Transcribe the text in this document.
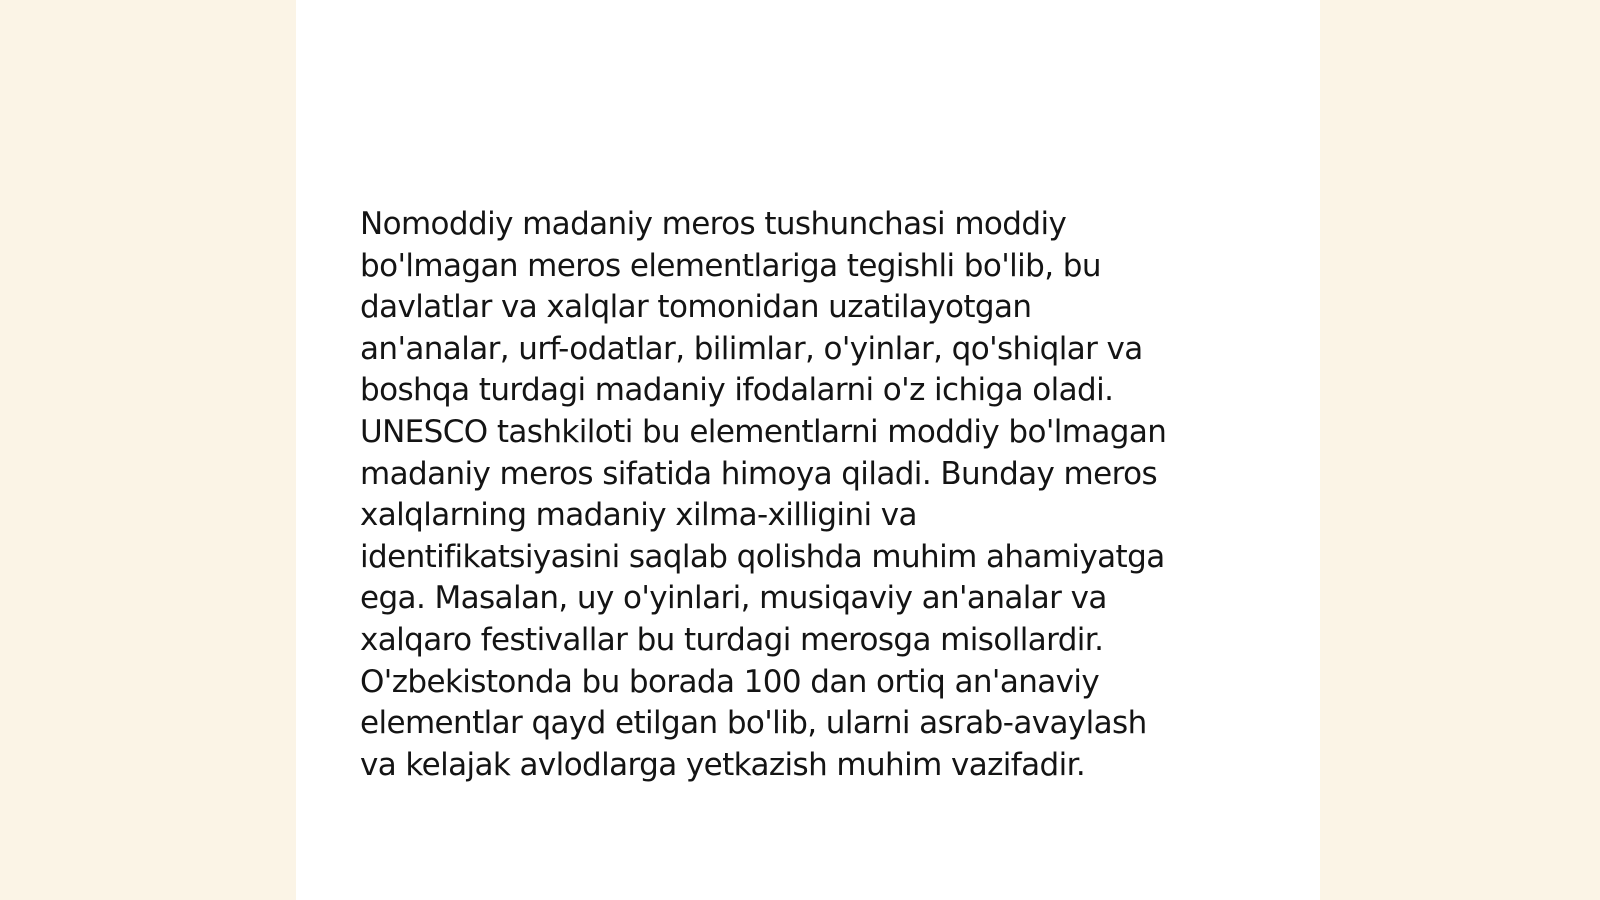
Nomoddiy madaniy meros tushunchasi moddiy
bo'lmagan meros elementlariga tegishli bo'lib, bu
davlatlar va xalqlar tomonidan uzatilayotgan
an'analar, urf-odatlar, bilimlar, o'yinlar, qo'shiqlar va
boshqa turdagi madaniy ifodalarni o'z ichiga oladi.
UNESCO tashkiloti bu elementlarni moddiy bo'lmagan
madaniy meros sifatida himoya qiladi. Bunday meros
xalqlarning madaniy xilma-xilligini va
identifikatsiyasini saqlab qolishda muhim ahamiyatga
ega. Masalan, uy o'yinlari, musiqaviy an'analar va
xalqaro festivallar bu turdagi merosga misollardir.
O'zbekistonda bu borada 100 dan ortiq an'anaviy
elementlar qayd etilgan bo'lib, ularni asrab-avaylash
va kelajak avlodlarga yetkazish muhim vazifadir.
